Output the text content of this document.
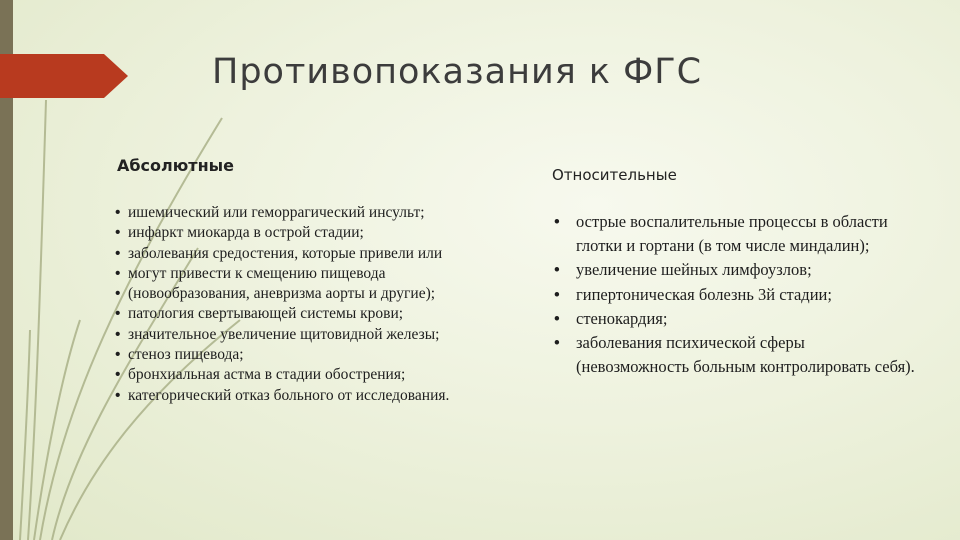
Противопоказания к ФГС
Абсолютные
• ишемический или геморрагический инсульт;
• инфаркт миокарда в острой стадии;
• заболевания средостения, которые привели или
• могут привести к смещению пищевода
• (новообразования, аневризма аорты и другие);
• патология свертывающей системы крови;
• значительное увеличение щитовидной железы;
• стеноз пищевода;
• бронхиальная астма в стадии обострения;
• категорический отказ больного от исследования.
Относительные
• острые воспалительные процессы в области глотки и гортани (в том числе миндалин);
• увеличение шейных лимфоузлов;
• гипертоническая болезнь 3й стадии;
• стенокардия;
• заболевания психической сферы (невозможность больным контролировать себя).
